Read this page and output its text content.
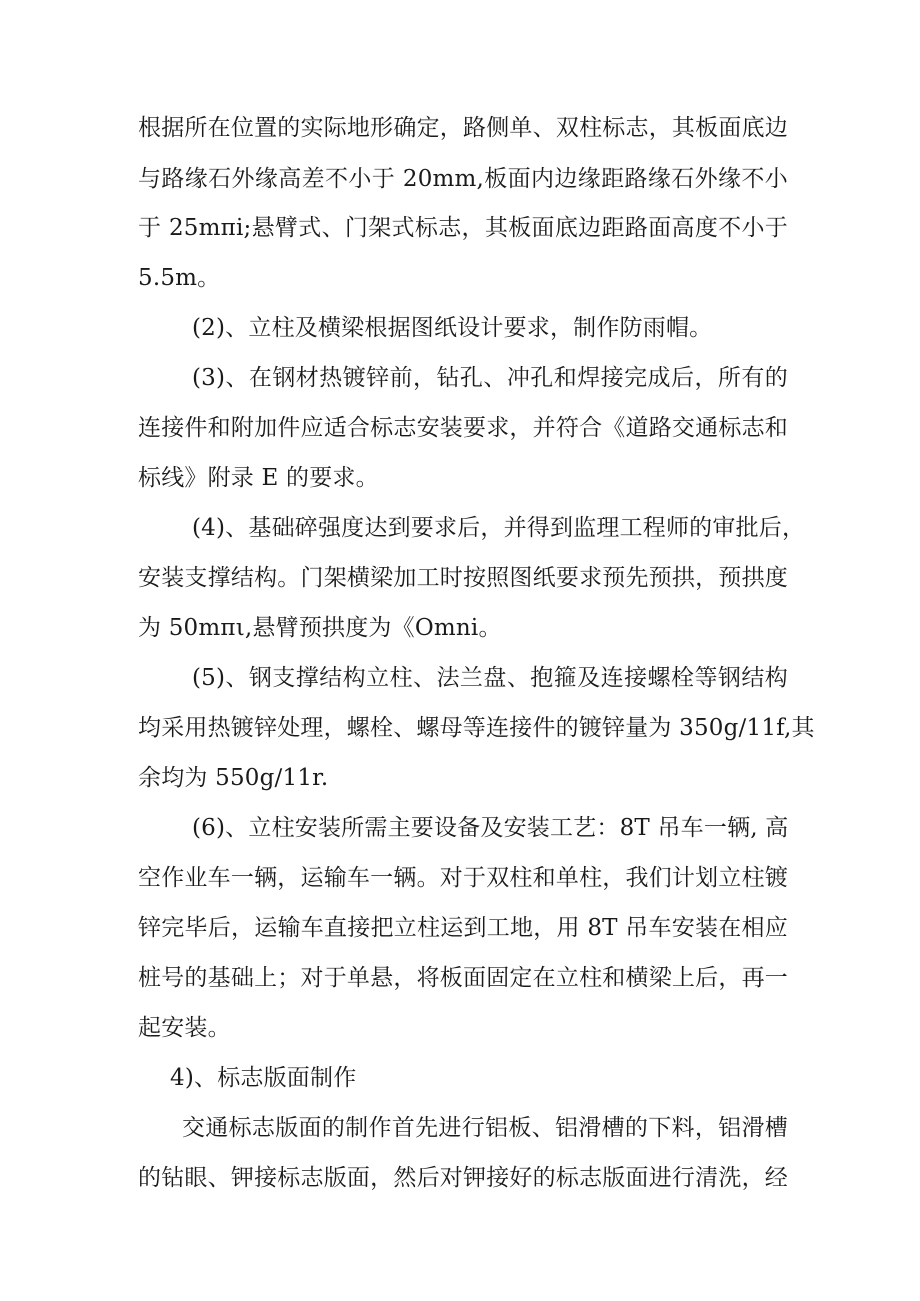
根据所在位置的实际地形确定，路侧单、双柱标志，其板面底边
与路缘石外缘高差不小于 20mm,板面内边缘距路缘石外缘不小
于 25mπi;悬臂式、门架式标志，其板面底边距路面高度不小于
5.5m。
(2)、立柱及横梁根据图纸设计要求，制作防雨帽。
(3)、在钢材热镀锌前，钻孔、冲孔和焊接完成后，所有的
连接件和附加件应适合标志安装要求，并符合《道路交通标志和
标线》附录 E 的要求。
(4)、基础碎强度达到要求后，并得到监理工程师的审批后，
安装支撑结构。门架横梁加工时按照图纸要求预先预拱，预拱度
为 50mπι,悬臂预拱度为《Omni。
(5)、钢支撑结构立柱、法兰盘、抱箍及连接螺栓等钢结构
均采用热镀锌处理，螺栓、螺母等连接件的镀锌量为 350g∕11f,其
余均为 550g∕11r.
(6)、立柱安装所需主要设备及安装工艺：8T 吊车一辆, 高
空作业车一辆，运输车一辆。对于双柱和单柱，我们计划立柱镀
锌完毕后，运输车直接把立柱运到工地，用 8T 吊车安装在相应
桩号的基础上；对于单悬，将板面固定在立柱和横梁上后，再一
起安装。
4)、标志版面制作
交通标志版面的制作首先进行铝板、铝滑槽的下料，铝滑槽
的钻眼、钾接标志版面，然后对钾接好的标志版面进行清洗，经
